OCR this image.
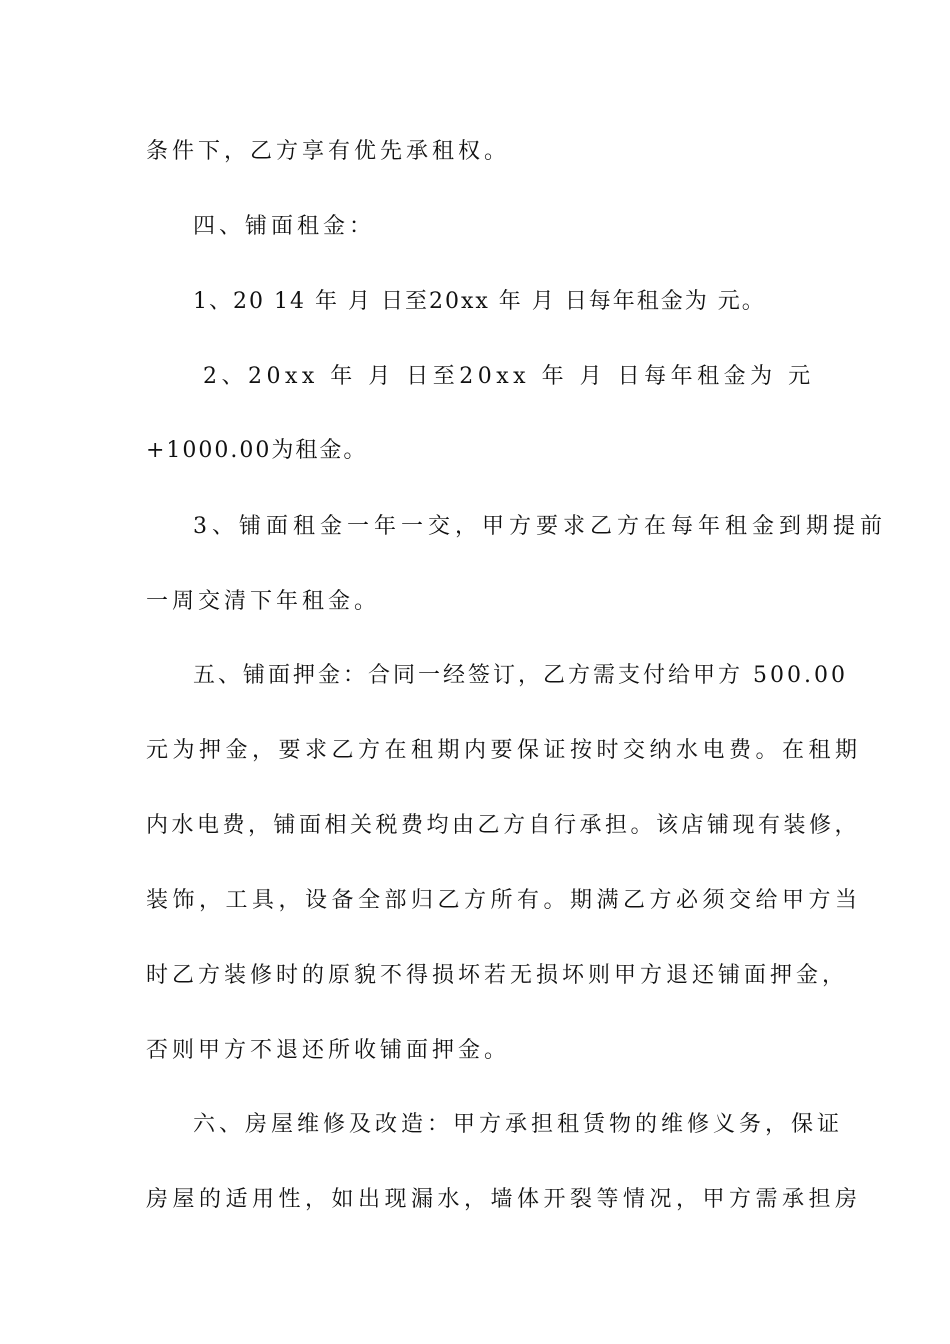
条件下，乙方享有优先承租权。
四、铺面租金：
1、20 14 年 月 日至20xx 年 月 日每年租金为 元。
2、20xx 年 月 日至20xx 年 月 日每年租金为 元
+1000.00为租金。
3、铺面租金一年一交，甲方要求乙方在每年租金到期提前
一周交清下年租金。
五、铺面押金：合同一经签订，乙方需支付给甲方 500.00
元为押金，要求乙方在租期内要保证按时交纳水电费。在租期
内水电费，铺面相关税费均由乙方自行承担。该店铺现有装修，
装饰，工具，设备全部归乙方所有。期满乙方必须交给甲方当
时乙方装修时的原貌不得损坏若无损坏则甲方退还铺面押金，
否则甲方不退还所收铺面押金。
六、房屋维修及改造：甲方承担租赁物的维修义务，保证
房屋的适用性，如出现漏水，墙体开裂等情况，甲方需承担房
